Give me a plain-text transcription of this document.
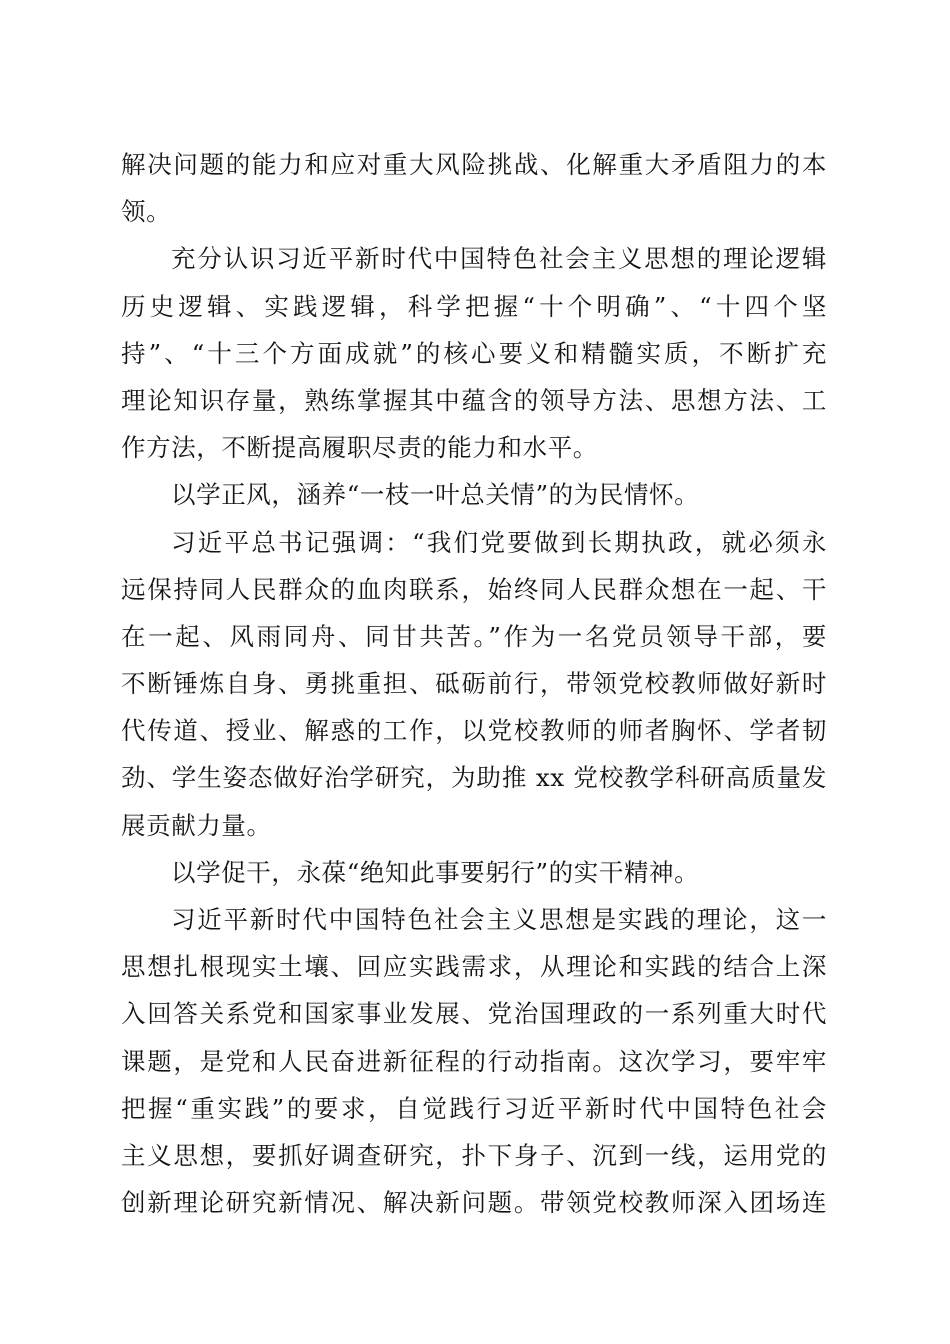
解决问题的能力和应对重大风险挑战、化解重大矛盾阻力的本
领。
充分认识习近平新时代中国特色社会主义思想的理论逻辑
历史逻辑、实践逻辑，科学把握“十个明确”、“十四个坚
持”、“十三个方面成就”的核心要义和精髓实质，不断扩充
理论知识存量，熟练掌握其中蕴含的领导方法、思想方法、工
作方法，不断提高履职尽责的能力和水平。
以学正风，涵养“一枝一叶总关情”的为民情怀。
习近平总书记强调：“我们党要做到长期执政，就必须永
远保持同人民群众的血肉联系，始终同人民群众想在一起、干
在一起、风雨同舟、同甘共苦。”作为一名党员领导干部，要
不断锤炼自身、勇挑重担、砥砺前行，带领党校教师做好新时
代传道、授业、解惑的工作，以党校教师的师者胸怀、学者韧
劲、学生姿态做好治学研究，为助推 xx 党校教学科研高质量发
展贡献力量。
以学促干，永葆“绝知此事要躬行”的实干精神。
习近平新时代中国特色社会主义思想是实践的理论，这一
思想扎根现实土壤、回应实践需求，从理论和实践的结合上深
入回答关系党和国家事业发展、党治国理政的一系列重大时代
课题，是党和人民奋进新征程的行动指南。这次学习，要牢牢
把握“重实践”的要求，自觉践行习近平新时代中国特色社会
主义思想，要抓好调查研究，扑下身子、沉到一线，运用党的
创新理论研究新情况、解决新问题。带领党校教师深入团场连
